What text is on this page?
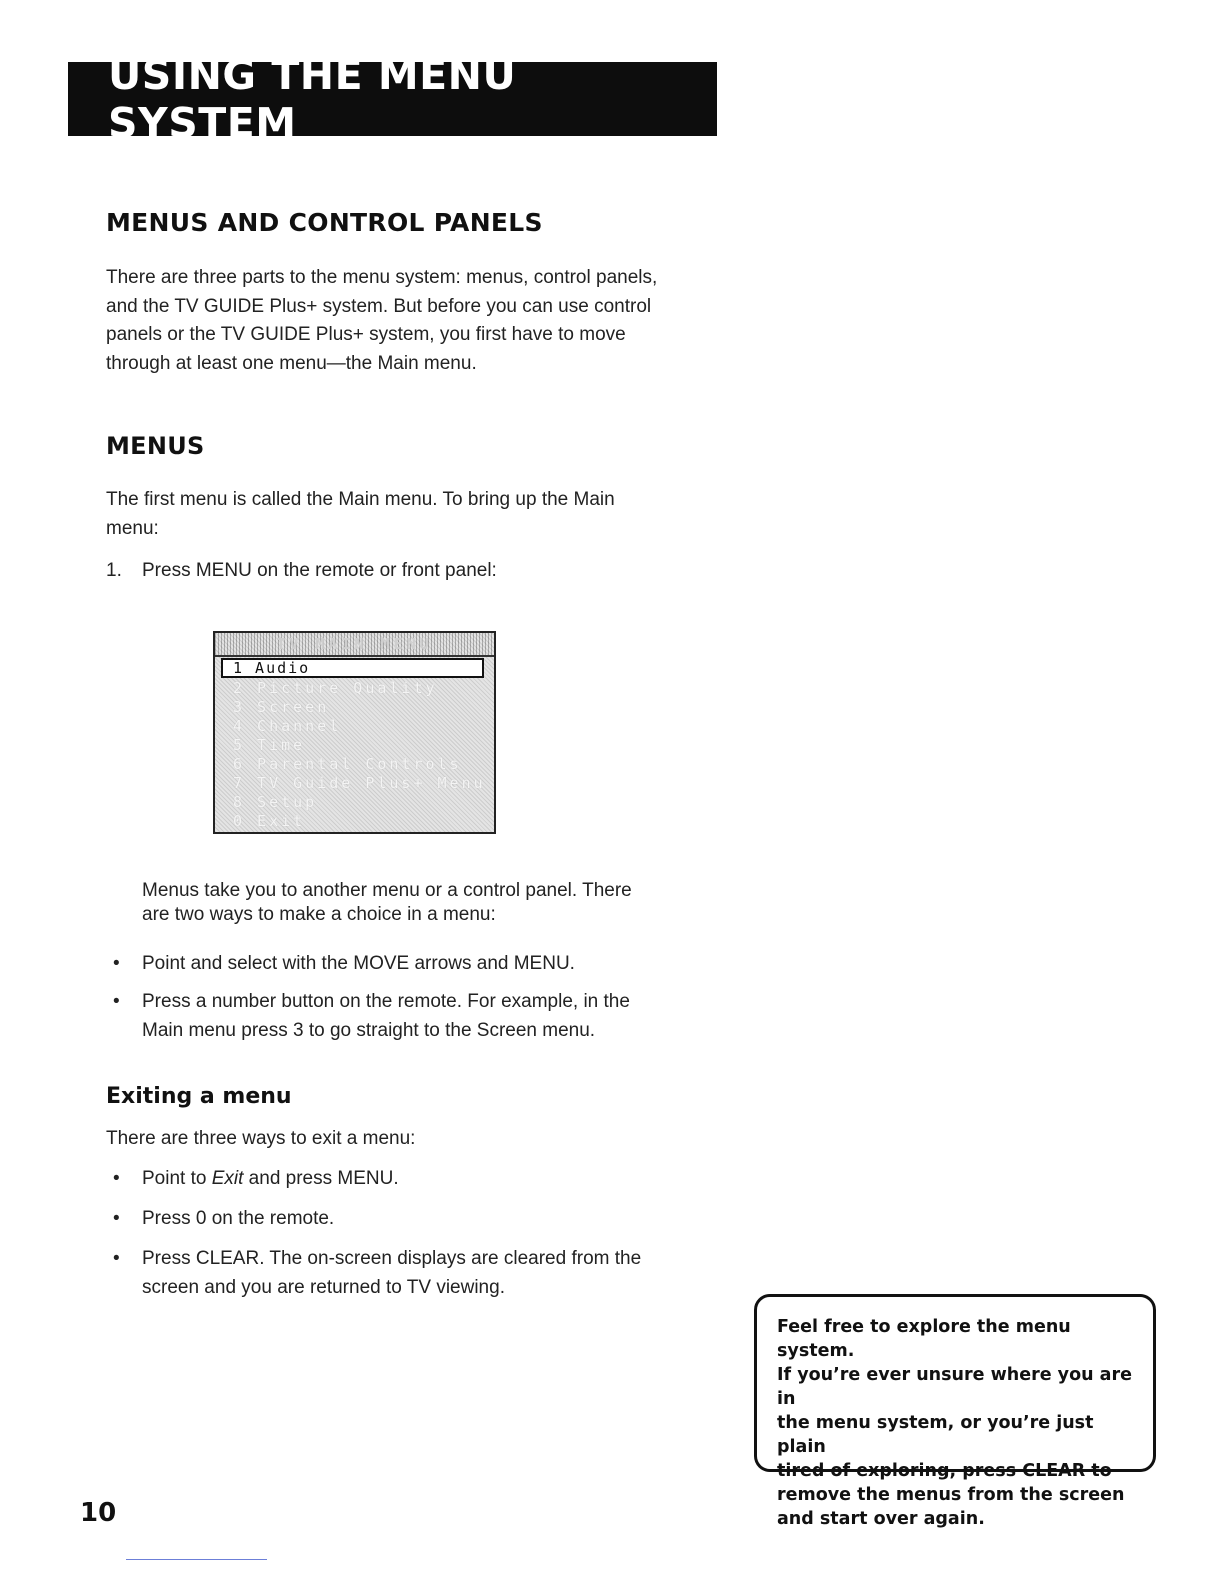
USING THE MENU SYSTEM
MENUS AND CONTROL PANELS

There are three parts to the menu system: menus, control panels,
and the TV GUIDE Plus+ system. But before you can use control
panels or the TV GUIDE Plus+ system, you first have to move
through at least one menu—the Main menu.

MENUS

The first menu is called the Main menu. To bring up the Main
menu:

1. Press MENU on the remote or front panel:

TV MAIN MENU
1 Audio
2 Picture Quality
3 Screen
4 Channel
5 Time
6 Parental Controls
7 TV Guide Plus+ Menu
8 Setup
0 Exit

Menus take you to another menu or a control panel. There
are two ways to make a choice in a menu:

• Point and select with the MOVE arrows and MENU.
• Press a number button on the remote. For example, in the
Main menu press 3 to go straight to the Screen menu.
Exiting a menu

There are three ways to exit a menu:

• Point to Exit and press MENU.
• Press 0 on the remote.
• Press CLEAR. The on-screen displays are cleared from the
screen and you are returned to TV viewing.

Feel free to explore the menu system.
If you’re ever unsure where you are in
the menu system, or you’re just plain
tired of exploring, press CLEAR to
remove the menus from the screen
and start over again.

10
